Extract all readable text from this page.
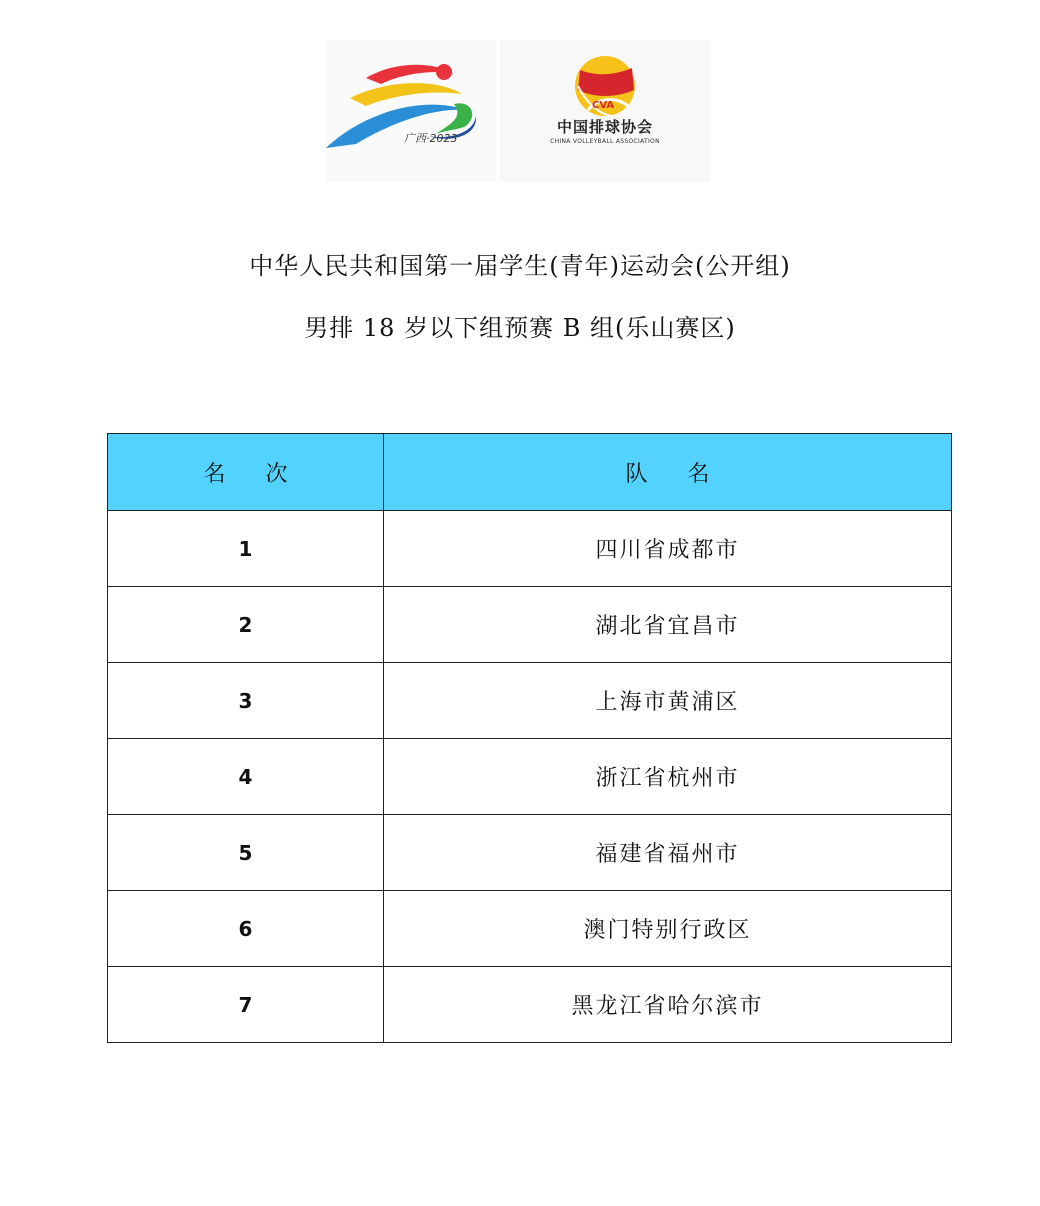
广西·2023
CVA
中国排球协会
CHINA VOLLEYBALL ASSOCIATION
中华人民共和国第一届学生(青年)运动会(公开组)
男排 18 岁以下组预赛 B 组(乐山赛区)
名次	队名
1	四川省成都市
2	湖北省宜昌市
3	上海市黄浦区
4	浙江省杭州市
5	福建省福州市
6	澳门特别行政区
7	黑龙江省哈尔滨市
